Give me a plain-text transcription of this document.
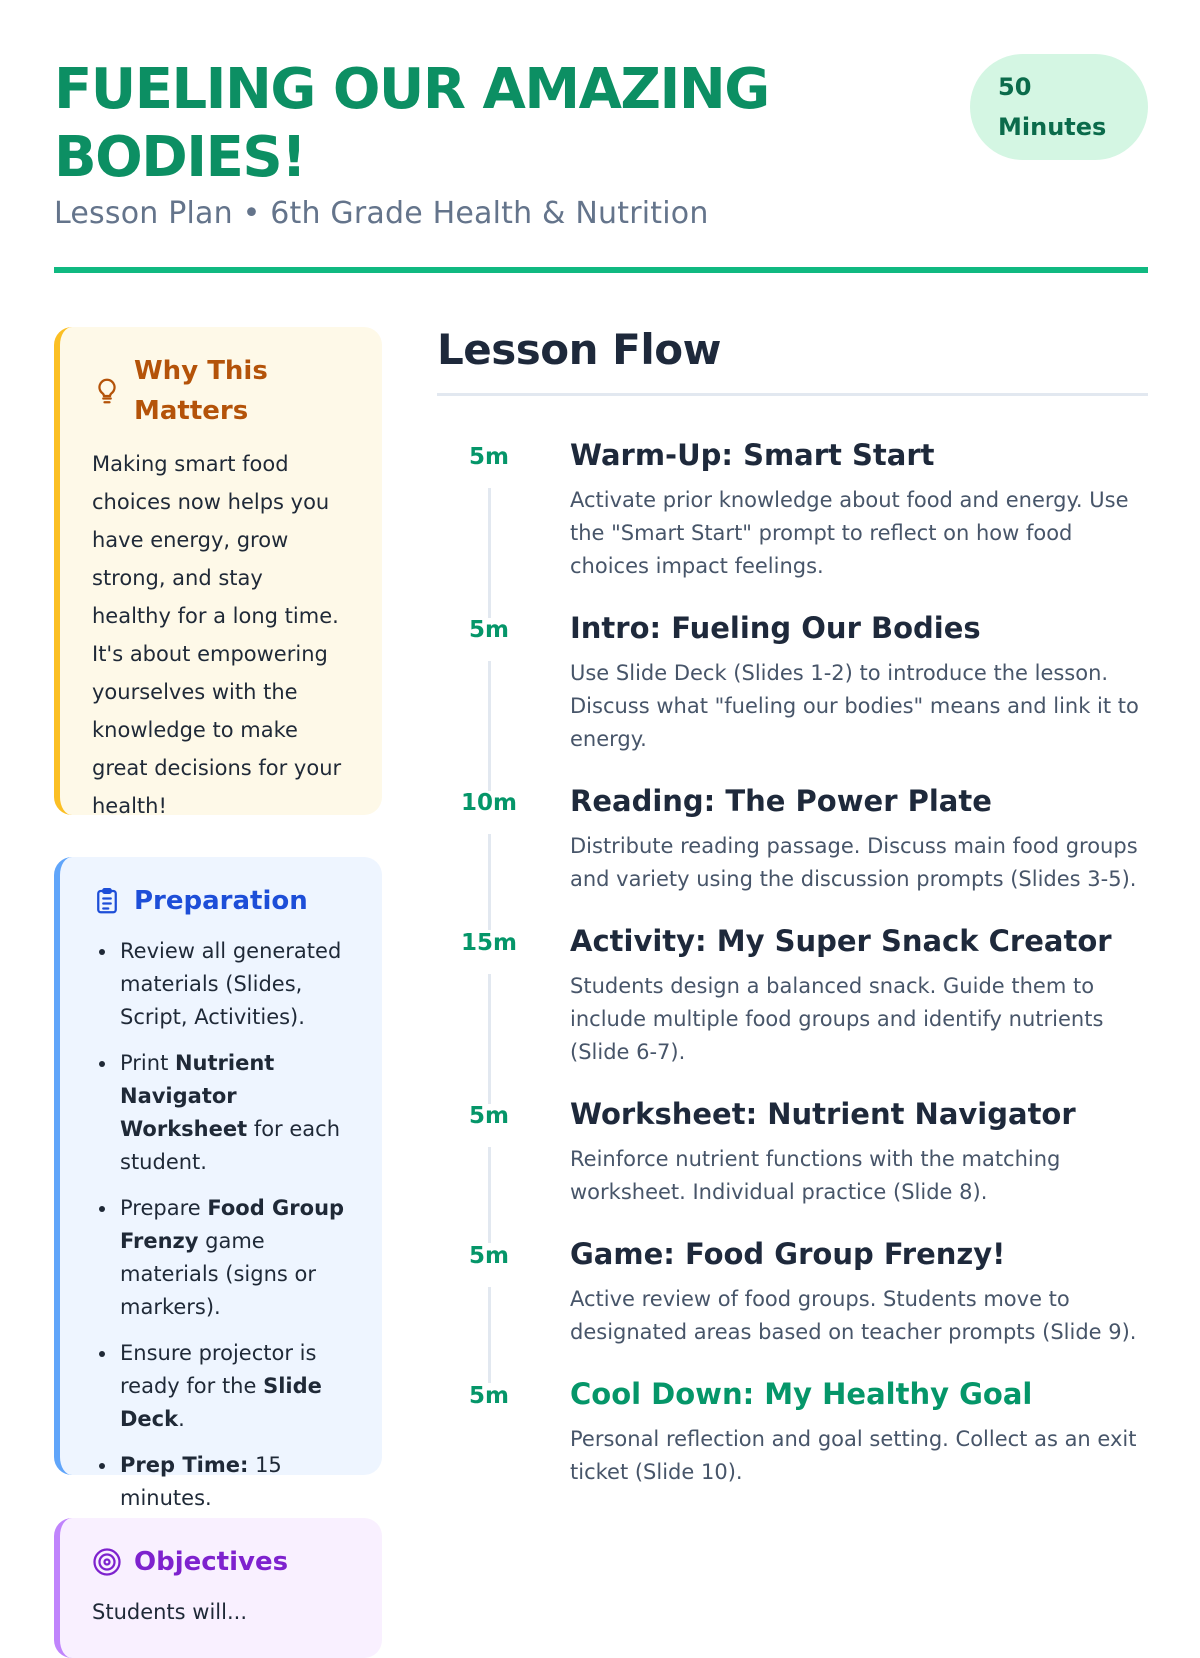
FUELING OUR AMAZING BODIES!
Lesson Plan • 6th Grade Health & Nutrition
50
Minutes
Why This Matters
Making smart food choices now helps you have energy, grow strong, and stay healthy for a long time. It's about empowering yourselves with the knowledge to make great decisions for your health!
Preparation
• Review all generated materials (Slides, Script, Activities).
• Print Nutrient Navigator Worksheet for each student.
• Prepare Food Group Frenzy game materials (signs or markers).
• Ensure projector is ready for the Slide Deck.
• Prep Time: 15 minutes.
Objectives
Students will...
Lesson Flow
5m	Warm-Up: Smart Start
Activate prior knowledge about food and energy. Use the "Smart Start" prompt to reflect on how food choices impact feelings.
5m	Intro: Fueling Our Bodies
Use Slide Deck (Slides 1-2) to introduce the lesson. Discuss what "fueling our bodies" means and link it to energy.
10m	Reading: The Power Plate
Distribute reading passage. Discuss main food groups and variety using the discussion prompts (Slides 3-5).
15m	Activity: My Super Snack Creator
Students design a balanced snack. Guide them to include multiple food groups and identify nutrients (Slide 6-7).
5m	Worksheet: Nutrient Navigator
Reinforce nutrient functions with the matching worksheet. Individual practice (Slide 8).
5m	Game: Food Group Frenzy!
Active review of food groups. Students move to designated areas based on teacher prompts (Slide 9).
5m	Cool Down: My Healthy Goal
Personal reflection and goal setting. Collect as an exit ticket (Slide 10).
